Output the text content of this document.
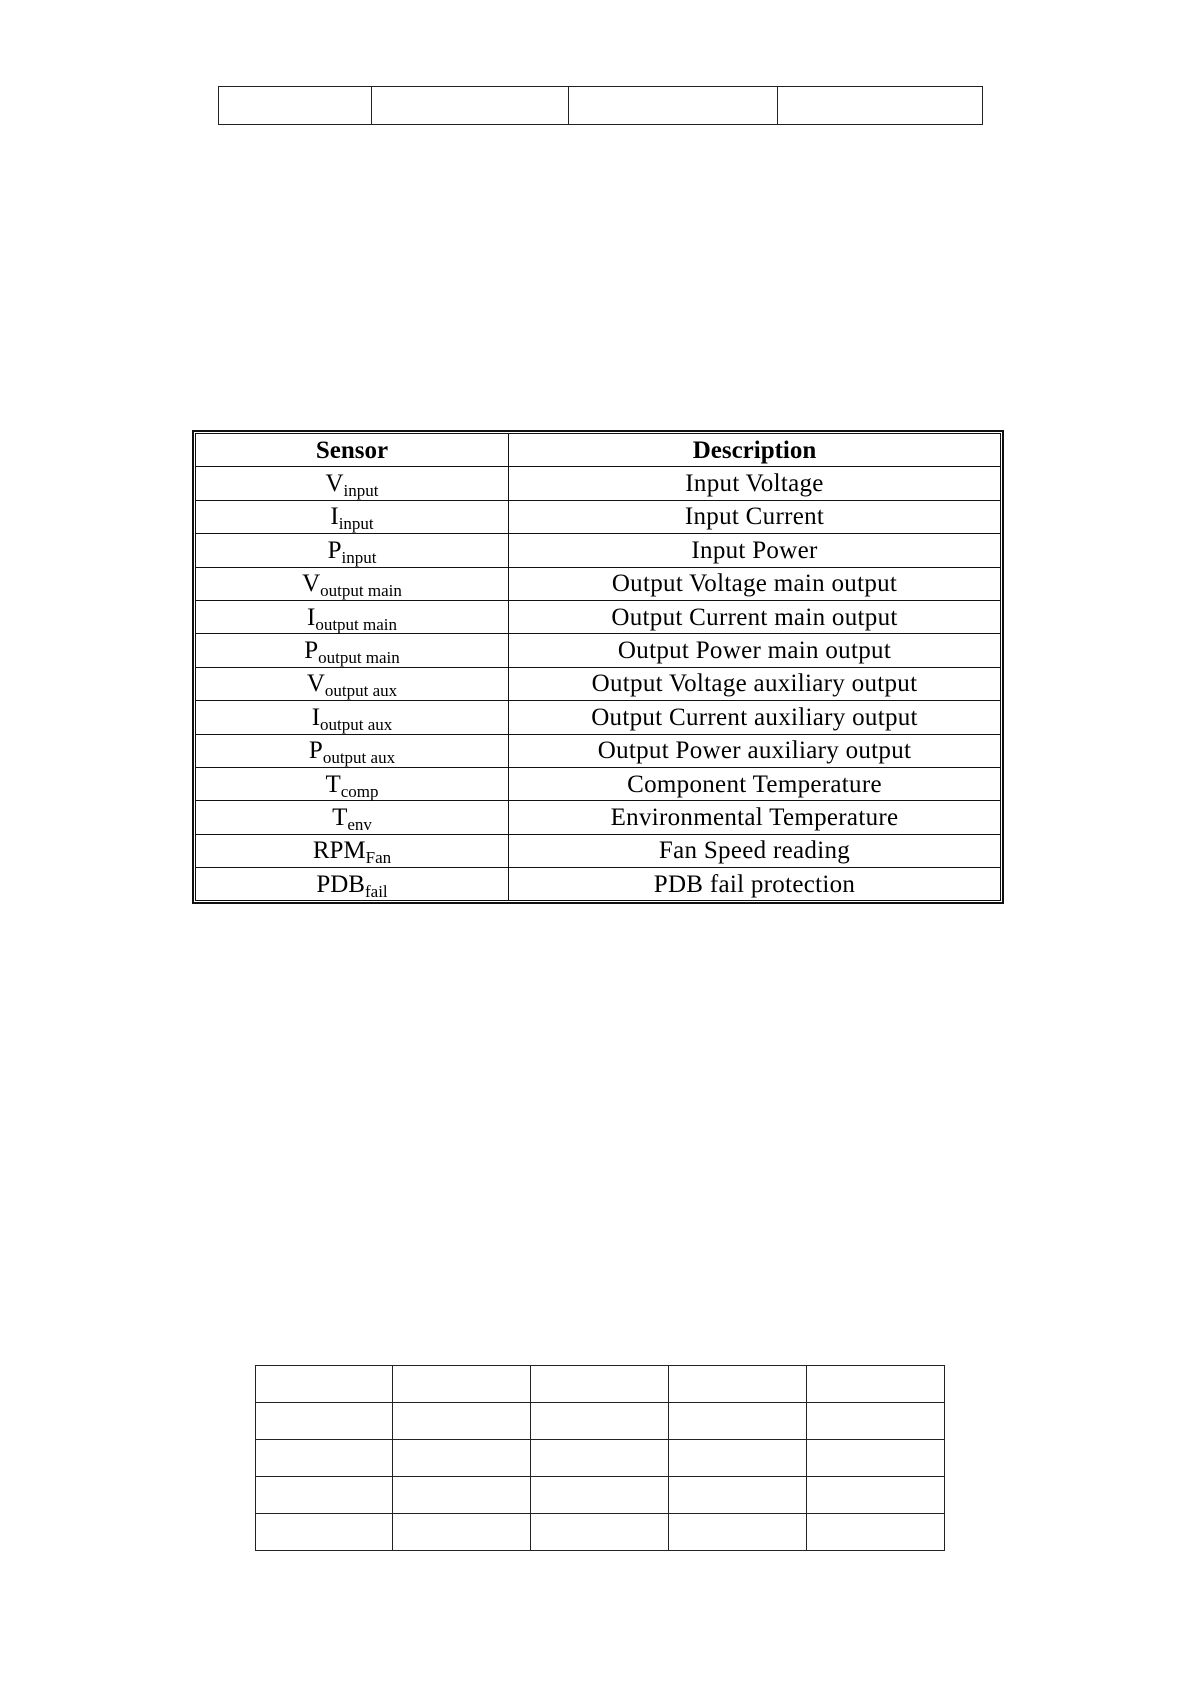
Sensor	Description
$V_{input}$	Input Voltage
$I_{input}$	Input Current
$P_{input}$	Input Power
$V_{output main}$	Output Voltage main output
$I_{output main}$	Output Current main output
$P_{output main}$	Output Power main output
$V_{output aux}$	Output Voltage auxiliary output
$I_{output aux}$	Output Current auxiliary output
$P_{output aux}$	Output Power auxiliary output
$T_{comp}$	Component Temperature
$T_{env}$	Environmental Temperature
$RPM_{Fan}$	Fan Speed reading
$PDB_{fail}$	PDB fail protection
